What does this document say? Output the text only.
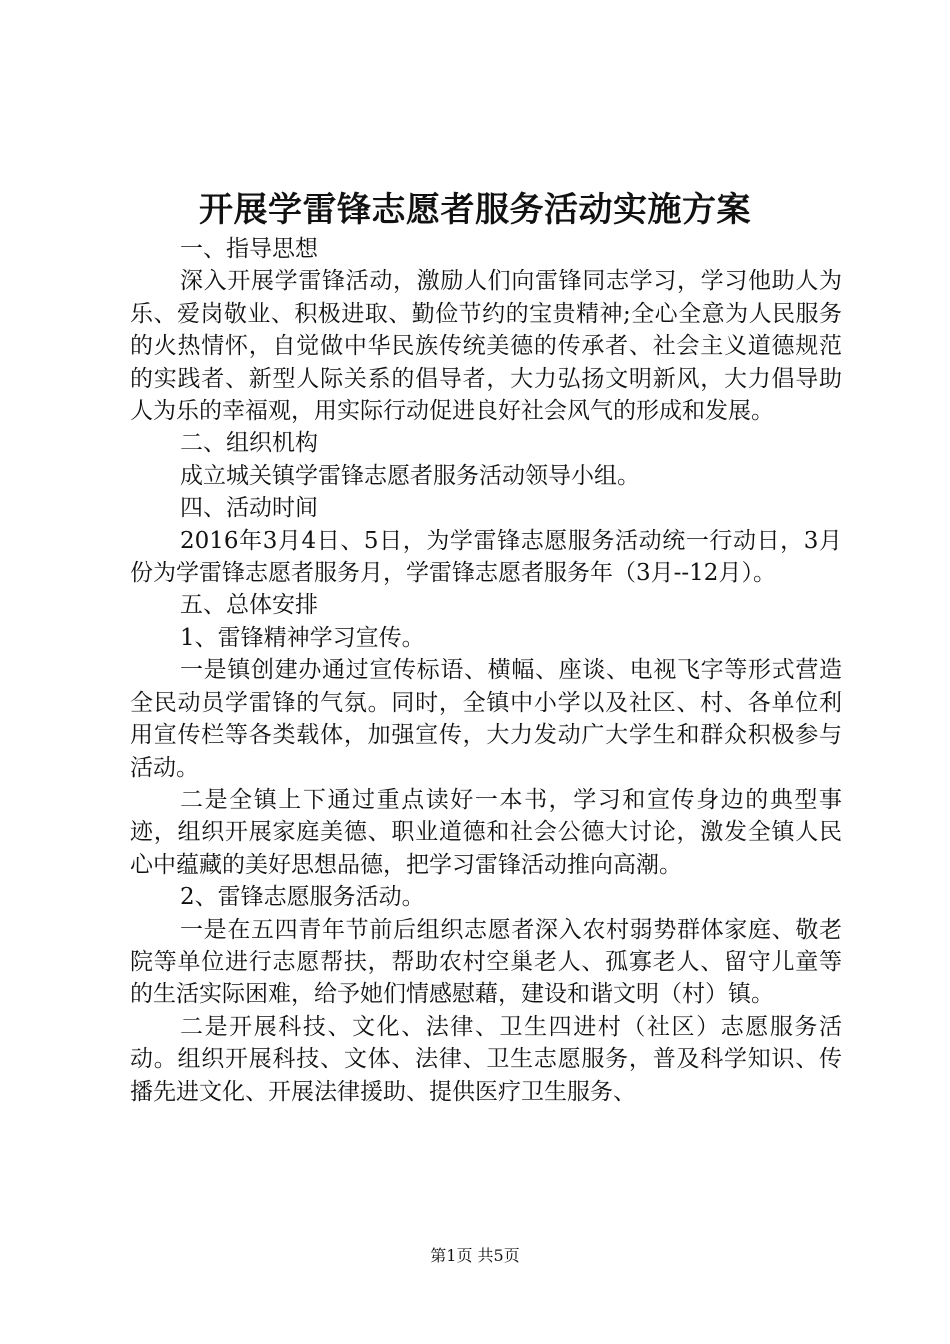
开展学雷锋志愿者服务活动实施方案

一、指导思想

深入开展学雷锋活动，激励人们向雷锋同志学习，学习他助人为乐、爱岗敬业、积极进取、勤俭节约的宝贵精神;全心全意为人民服务的火热情怀，自觉做中华民族传统美德的传承者、社会主义道德规范的实践者、新型人际关系的倡导者，大力弘扬文明新风，大力倡导助人为乐的幸福观，用实际行动促进良好社会风气的形成和发展。

二、组织机构

成立城关镇学雷锋志愿者服务活动领导小组。

四、活动时间

2016年3月4日、5日，为学雷锋志愿服务活动统一行动日，3月份为学雷锋志愿者服务月，学雷锋志愿者服务年（3月--12月）。

五、总体安排

1、雷锋精神学习宣传。

一是镇创建办通过宣传标语、横幅、座谈、电视飞字等形式营造全民动员学雷锋的气氛。同时，全镇中小学以及社区、村、各单位利用宣传栏等各类载体，加强宣传，大力发动广大学生和群众积极参与活动。

二是全镇上下通过重点读好一本书，学习和宣传身边的典型事迹，组织开展家庭美德、职业道德和社会公德大讨论，激发全镇人民心中蕴藏的美好思想品德，把学习雷锋活动推向高潮。

2、雷锋志愿服务活动。

一是在五四青年节前后组织志愿者深入农村弱势群体家庭、敬老院等单位进行志愿帮扶，帮助农村空巢老人、孤寡老人、留守儿童等的生活实际困难，给予她们情感慰藉，建设和谐文明（村）镇。

二是开展科技、文化、法律、卫生四进村（社区）志愿服务活动。组织开展科技、文体、法律、卫生志愿服务，普及科学知识、传播先进文化、开展法律援助、提供医疗卫生服务、

第1页 共5页
